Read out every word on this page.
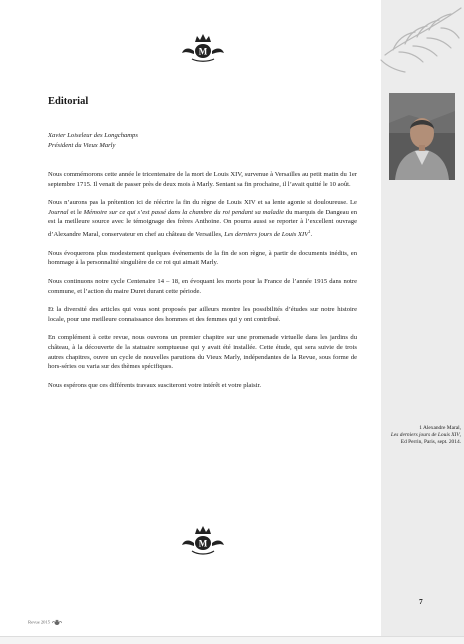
M
Editorial
Xavier Loiseleur des Longchamps
Président du Vieux Marly

Nous commémorons cette année le tricentenaire de la mort de Louis XIV, survenue à Versailles au petit matin du 1er septembre 1715. Il venait de passer près de deux mois à Marly. Sentant sa fin prochaine, il l’avait quitté le 10 août.

Nous n’aurons pas la prétention ici de réécrire la fin du règne de Louis XIV et sa lente agonie si douloureuse. Le Journal et le Mémoire sur ce qui s’est passé dans la chambre du roi pendant sa maladie du marquis de Dangeau en est la meilleure source avec le témoignage des frères Anthoine. On pourra aussi se reporter à l’excellent ouvrage d’Alexandre Maral, conservateur en chef au château de Versailles, Les derniers jours de Louis XIV$^1$.

Nous évoquerons plus modestement quelques événements de la fin de son règne, à partir de documents inédits, en hommage à la personnalité singulière de ce roi qui aimait Marly.

Nous continuons notre cycle Centenaire 14 – 18, en évoquant les morts pour la France de l’année 1915 dans notre commune, et l’action du maire Duret durant cette période.

Et la diversité des articles qui vous sont proposés par ailleurs montre les possibilités d’études sur notre histoire locale, pour une meilleure connaissance des hommes et des femmes qui y ont contribué.

En complément à cette revue, nous ouvrons un premier chapitre sur une promenade virtuelle dans les jardins du château, à la découverte de la statuaire somptueuse qui y avait été installée. Cette étude, qui sera suivie de trois autres chapitres, ouvre un cycle de nouvelles parutions du Vieux Marly, indépendantes de la Revue, sous forme de hors-séries ou varia sur des thèmes spécifiques.

Nous espérons que ces différents travaux susciteront votre intérêt et votre plaisir.

1 Alexandre Maral,
Les derniers jours de Louis XIV, Ed Perrin, Paris, sept. 2014.
M
7
Revue 2015
